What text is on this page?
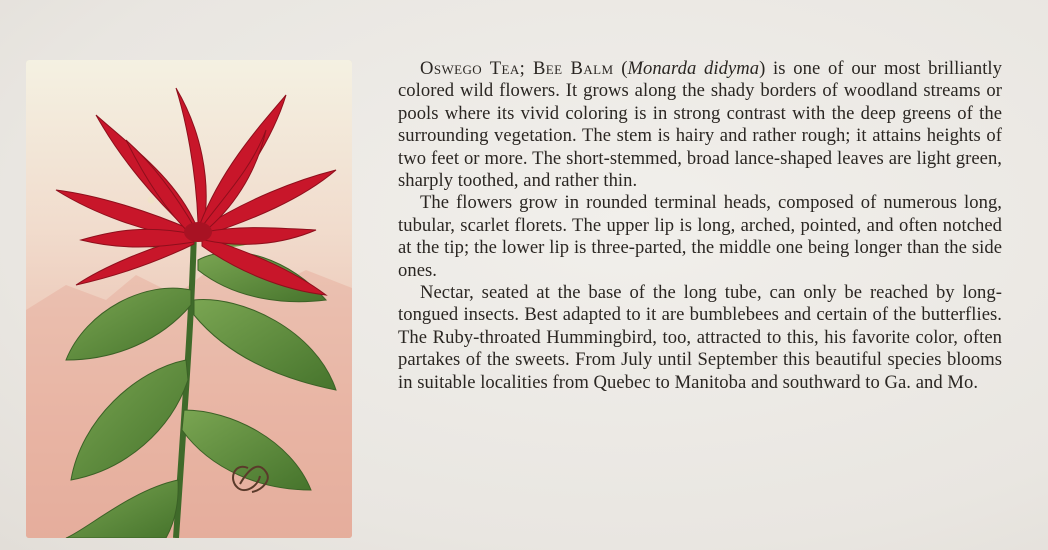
Oswego Tea; Bee Balm (Monarda didyma) is one of our most brilliantly colored wild flowers. It grows along the shady borders of woodland streams or pools where its vivid coloring is in strong contrast with the deep greens of the surrounding vegetation. The stem is hairy and rather rough; it attains heights of two feet or more. The short-stemmed, broad lance-shaped leaves are light green, sharply toothed, and rather thin.

The flowers grow in rounded terminal heads, composed of numerous long, tubular, scarlet florets. The upper lip is long, arched, pointed, and often notched at the tip; the lower lip is three-parted, the middle one being longer than the side ones.

Nectar, seated at the base of the long tube, can only be reached by long-tongued insects. Best adapted to it are bumblebees and certain of the butterflies. The Ruby-throated Hummingbird, too, attracted to this, his favorite color, often partakes of the sweets. From July until September this beautiful species blooms in suitable localities from Quebec to Manitoba and southward to Ga. and Mo.
